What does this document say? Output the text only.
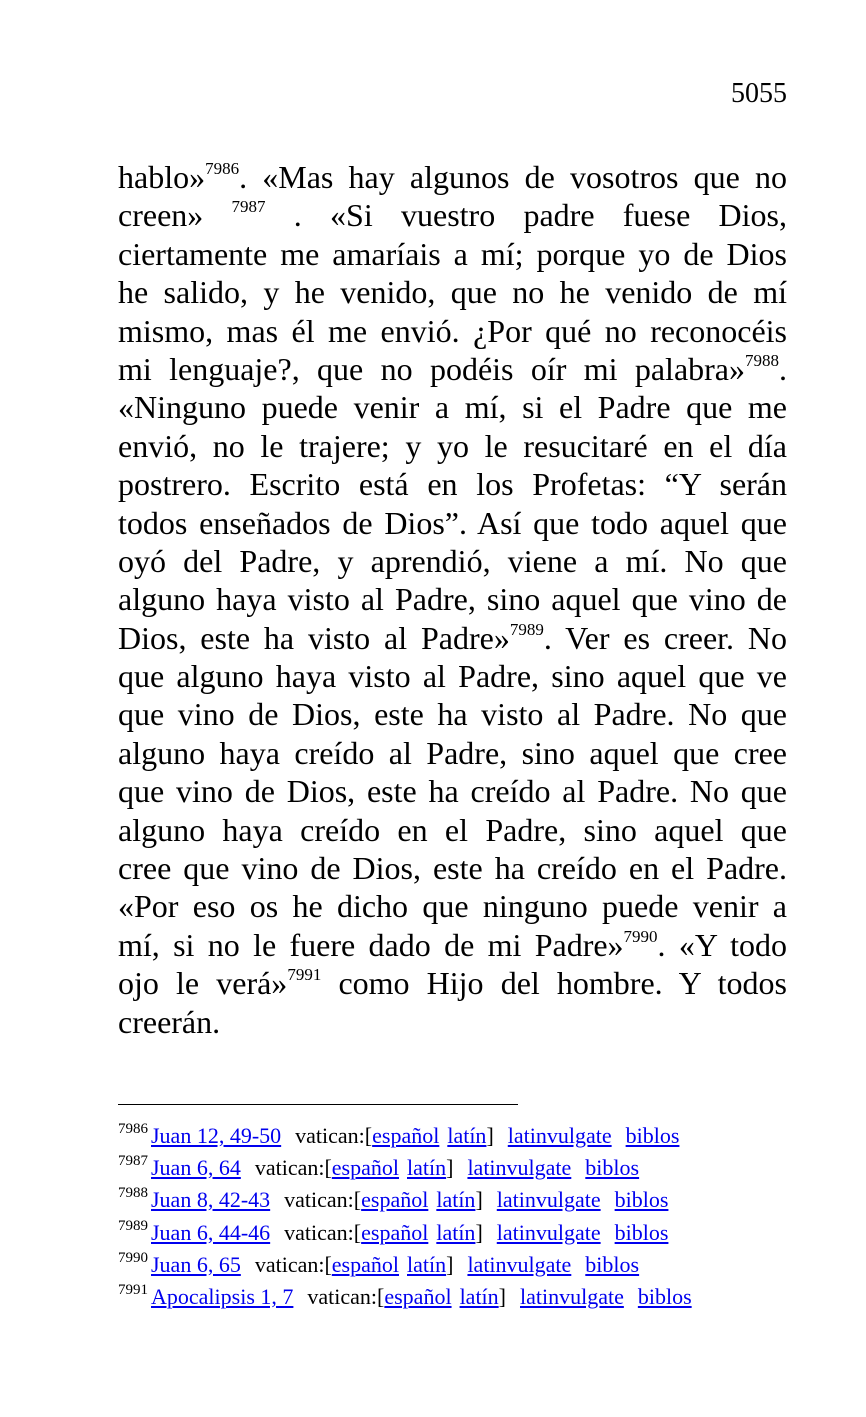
5055
hablo»$^{7986}$. «Mas hay algunos de vosotros que no
creen» $^{7987}$ . «Si vuestro padre fuese Dios,
ciertamente me amaríais a mí; porque yo de Dios
he salido, y he venido, que no he venido de mí
mismo, mas él me envió. ¿Por qué no reconocéis
mi lenguaje?, que no podéis oír mi palabra»$^{7988}$.
«Ninguno puede venir a mí, si el Padre que me
envió, no le trajere; y yo le resucitaré en el día
postrero. Escrito está en los Profetas: “Y serán
todos enseñados de Dios”. Así que todo aquel que
oyó del Padre, y aprendió, viene a mí. No que
alguno haya visto al Padre, sino aquel que vino de
Dios, este ha visto al Padre»$^{7989}$. Ver es creer. No
que alguno haya visto al Padre, sino aquel que ve
que vino de Dios, este ha visto al Padre. No que
alguno haya creído al Padre, sino aquel que cree
que vino de Dios, este ha creído al Padre. No que
alguno haya creído en el Padre, sino aquel que
cree que vino de Dios, este ha creído en el Padre.
«Por eso os he dicho que ninguno puede venir a
mí, si no le fuere dado de mi Padre»$^{7990}$. «Y todo
ojo le verá»$^{7991}$ como Hijo del hombre. Y todos
creerán.
$^{7986}$ Juan 12, 49-50 vatican:[español latín] latinvulgate biblos
$^{7987}$ Juan 6, 64 vatican:[español latín] latinvulgate biblos
$^{7988}$ Juan 8, 42-43 vatican:[español latín] latinvulgate biblos
$^{7989}$ Juan 6, 44-46 vatican:[español latín] latinvulgate biblos
$^{7990}$ Juan 6, 65 vatican:[español latín] latinvulgate biblos
$^{7991}$ Apocalipsis 1, 7 vatican:[español latín] latinvulgate biblos
